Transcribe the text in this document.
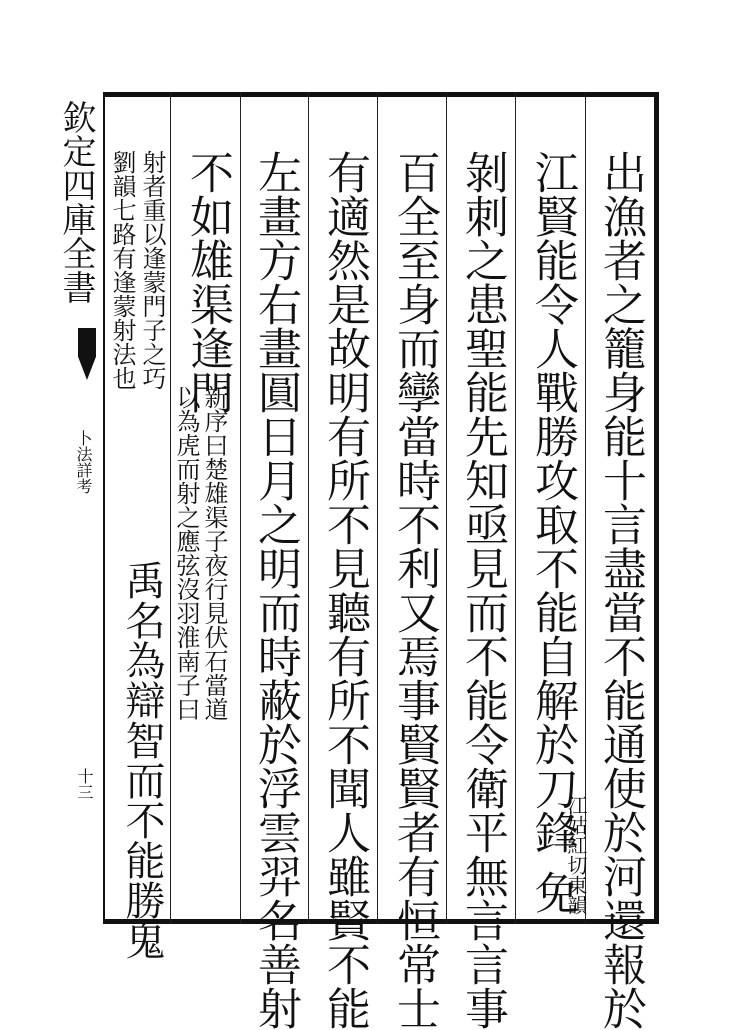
欽定四庫全書
卜法詳考
十三	出漁者之籠身能十言盡當不能通使於河還報於
江賢能令人戰勝攻取不能自解於刀鋒
江姑紅切東韻
免
剝刺之患聖能先知亟見而不能令衛平無言言事
百全至身而孿當時不利又焉事賢賢者有恒常士
有適然是故明有所不見聽有所不聞人雖賢不能
左畫方右畫圓日月之明而時蔽於浮雲羿名善射
不如雄渠逢門
新序曰楚雄渠子夜行見伏石當道
以為虎而射之應弦沒羽淮南子曰
射者重以逢蒙門子之巧
禹名為辯智而不能勝鬼
劉韻七路有逢蒙射法也
